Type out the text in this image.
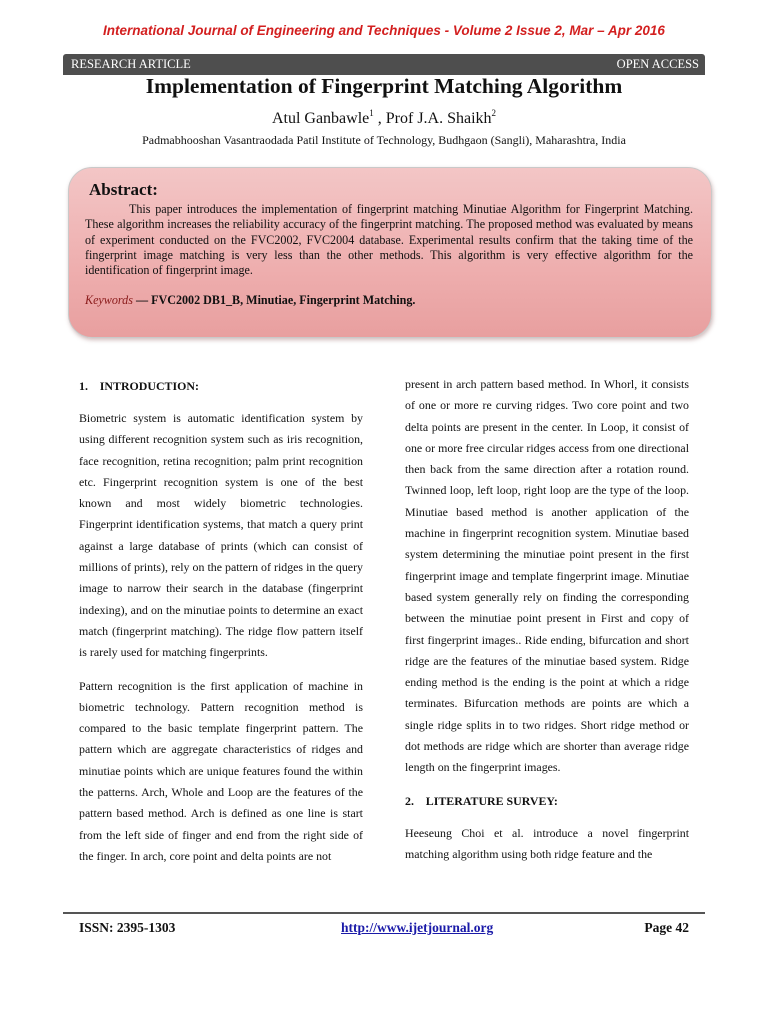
International Journal of Engineering and Techniques - Volume 2 Issue 2, Mar – Apr 2016
RESEARCH ARTICLE	OPEN ACCESS
Implementation of Fingerprint Matching Algorithm
Atul Ganbawle$^1$ , Prof J.A. Shaikh$^2$
Padmabhooshan Vasantraodada Patil Institute of Technology, Budhgaon (Sangli), Maharashtra, India
Abstract:
This paper introduces the implementation of fingerprint matching Minutiae Algorithm for Fingerprint Matching. These algorithm increases the reliability accuracy of the fingerprint matching. The proposed method was evaluated by means of experiment conducted on the FVC2002, FVC2004 database. Experimental results confirm that the taking time of the fingerprint image matching is very less than the other methods. This algorithm is very effective algorithm for the identification of fingerprint image.
Keywords — FVC2002 DB1_B, Minutiae, Fingerprint Matching.
1.    INTRODUCTION:

Biometric system is automatic identification system by using different recognition system such as iris recognition, face recognition, retina recognition; palm print recognition etc. Fingerprint recognition system is one of the best known and most widely biometric technologies. Fingerprint identification systems, that match a query print against a large database of prints (which can consist of millions of prints), rely on the pattern of ridges in the query image to narrow their search in the database (fingerprint indexing), and on the minutiae points to determine an exact match (fingerprint matching). The ridge flow pattern itself is rarely used for matching fingerprints.

Pattern recognition is the first application of machine in biometric technology. Pattern recognition method is compared to the basic template fingerprint pattern. The pattern which are aggregate characteristics of ridges and minutiae points which are unique features found the within the patterns. Arch, Whole and Loop are the features of the pattern based method. Arch is defined as one line is start from the left side of finger and end from the right side of the finger. In arch, core point and delta points are not

present in arch pattern based method. In Whorl, it consists of one or more re curving ridges. Two core point and two delta points are present in the center. In Loop, it consist of one or more free circular ridges access from one directional then back from the same direction after a rotation round. Twinned loop, left loop, right loop are the type of the loop. Minutiae based method is another application of the machine in fingerprint recognition system. Minutiae based system determining the minutiae point present in the first fingerprint image and template fingerprint image. Minutiae based system generally rely on finding the corresponding between the minutiae point present in First and copy of first fingerprint images.. Ride ending, bifurcation and short ridge are the features of the minutiae based system. Ridge ending method is the ending is the point at which a ridge terminates. Bifurcation methods are points are which a single ridge splits in to two ridges. Short ridge method or dot methods are ridge which are shorter than average ridge length on the fingerprint images.

2.    LITERATURE SURVEY:

Heeseung Choi et al. introduce a novel fingerprint matching algorithm using both ridge feature and the

ISSN: 2395-1303	http://www.ijetjournal.org	Page 42
